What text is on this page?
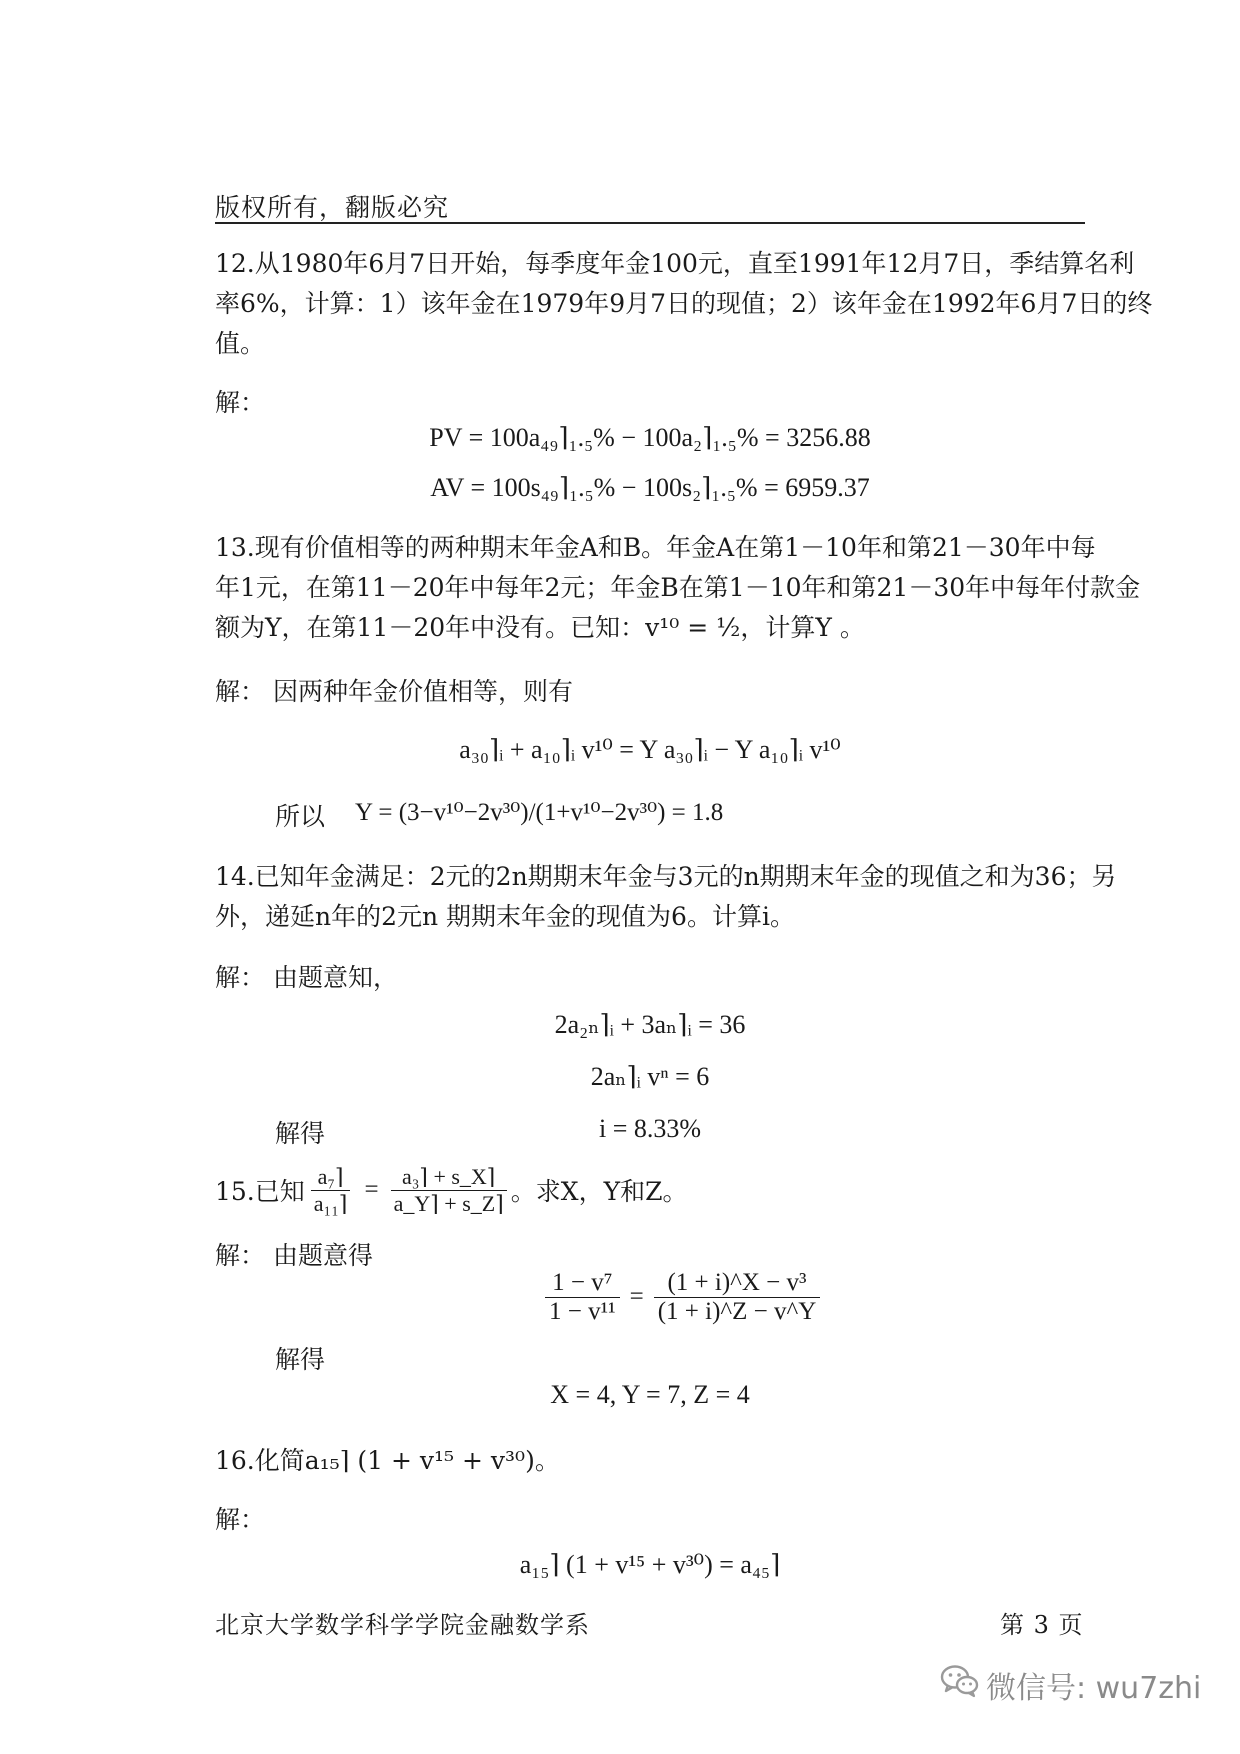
版权所有，翻版必究
12.从1980年6月7日开始，每季度年金100元，直至1991年12月7日，季结算名利
率6%，计算：1）该年金在1979年9月7日的现值；2）该年金在1992年6月7日的终
值。
解：
PV = 100a₄₉⌉₁.₅% − 100a₂⌉₁.₅% = 3256.88
AV = 100s₄₉⌉₁.₅% − 100s₂⌉₁.₅% = 6959.37
13.现有价值相等的两种期末年金A和B。年金A在第1－10年和第21－30年中每
年1元，在第11－20年中每年2元；年金B在第1－10年和第21－30年中每年付款金
额为Y，在第11－20年中没有。已知：v¹⁰ = ½，计算Y 。
解： 因两种年金价值相等，则有
a₃₀⌉ᵢ + a₁₀⌉ᵢ v¹⁰ = Y a₃₀⌉ᵢ − Y a₁₀⌉ᵢ v¹⁰
所以 Y = (3−v¹⁰−2v³⁰)/(1+v¹⁰−2v³⁰) = 1.8
14.已知年金满足：2元的2n期期末年金与3元的n期期末年金的现值之和为36；另
外，递延n年的2元n 期期末年金的现值为6。计算i。
解： 由题意知，
2a₂ₙ⌉ᵢ + 3aₙ⌉ᵢ = 36
2aₙ⌉ᵢ vⁿ = 6
解得	i = 8.33%
15.已知 $\frac{\text{a₇⌉}}{\text{a₁₁⌉}} = \frac{\text{a₃⌉ + s\_X⌉}}{a\_Y⌉ + s\_Z⌉}$ 。求X，Y和Z。
解： 由题意得
$\frac{\text{1 − v⁷}}{\text{1 − v¹¹}} = \frac{\text{(1 + i)\textasciicircum{}X − v³}}{(1 + i)\^{}Z - v\^{}Y}$
解得
X = 4, Y = 7, Z = 4
16.化简a₁₅⌉ (1 + v¹⁵ + v³⁰)。
解：
a₁₅⌉ (1 + v¹⁵ + v³⁰) = a₄₅⌉
北京大学数学科学学院金融数学系	第 3 页
微信号: wu7zhi
